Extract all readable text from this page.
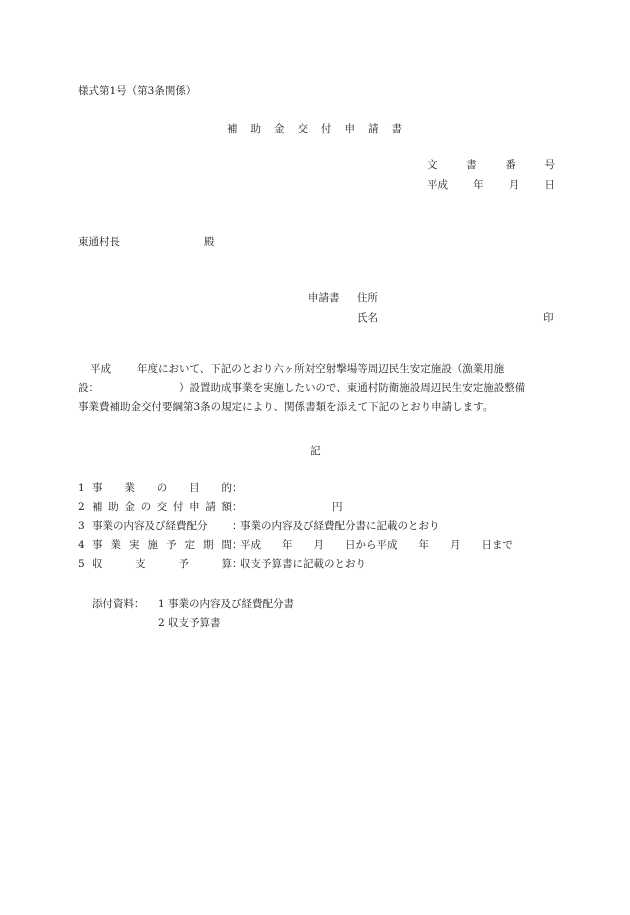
様式第1号（第3条関係）
補 助 金 交 付 申 請 書
文	書	番	号
平成 年 月 日
東通村長	殿
申請書 住所
氏名	印
平成 年度において、下記のとおり六ヶ所対空射撃場等周辺民生安定施設（漁業用施
設：	）設置助成事業を実施したいので、東通村防衛施設周辺民生安定施設整備
事業費補助金交付要綱第3条の規定により、関係書類を添えて下記のとおり申請します。
記
1 事 業 の 目 的 ：
2 補 助 金 の 交 付 申 請 額 ：	円
3 事業の内容及び経費配分 ：
事業の内容及び経費配分書に記載のとおり
4 事 業 実 施 予 定 期 間 ：
平成　　年　　月　　日から平成　　年　　月　　日まで
5 収	支	予	算 ：
収支予算書に記載のとおり
添付資料： 1 事業の内容及び経費配分書
2 収支予算書
